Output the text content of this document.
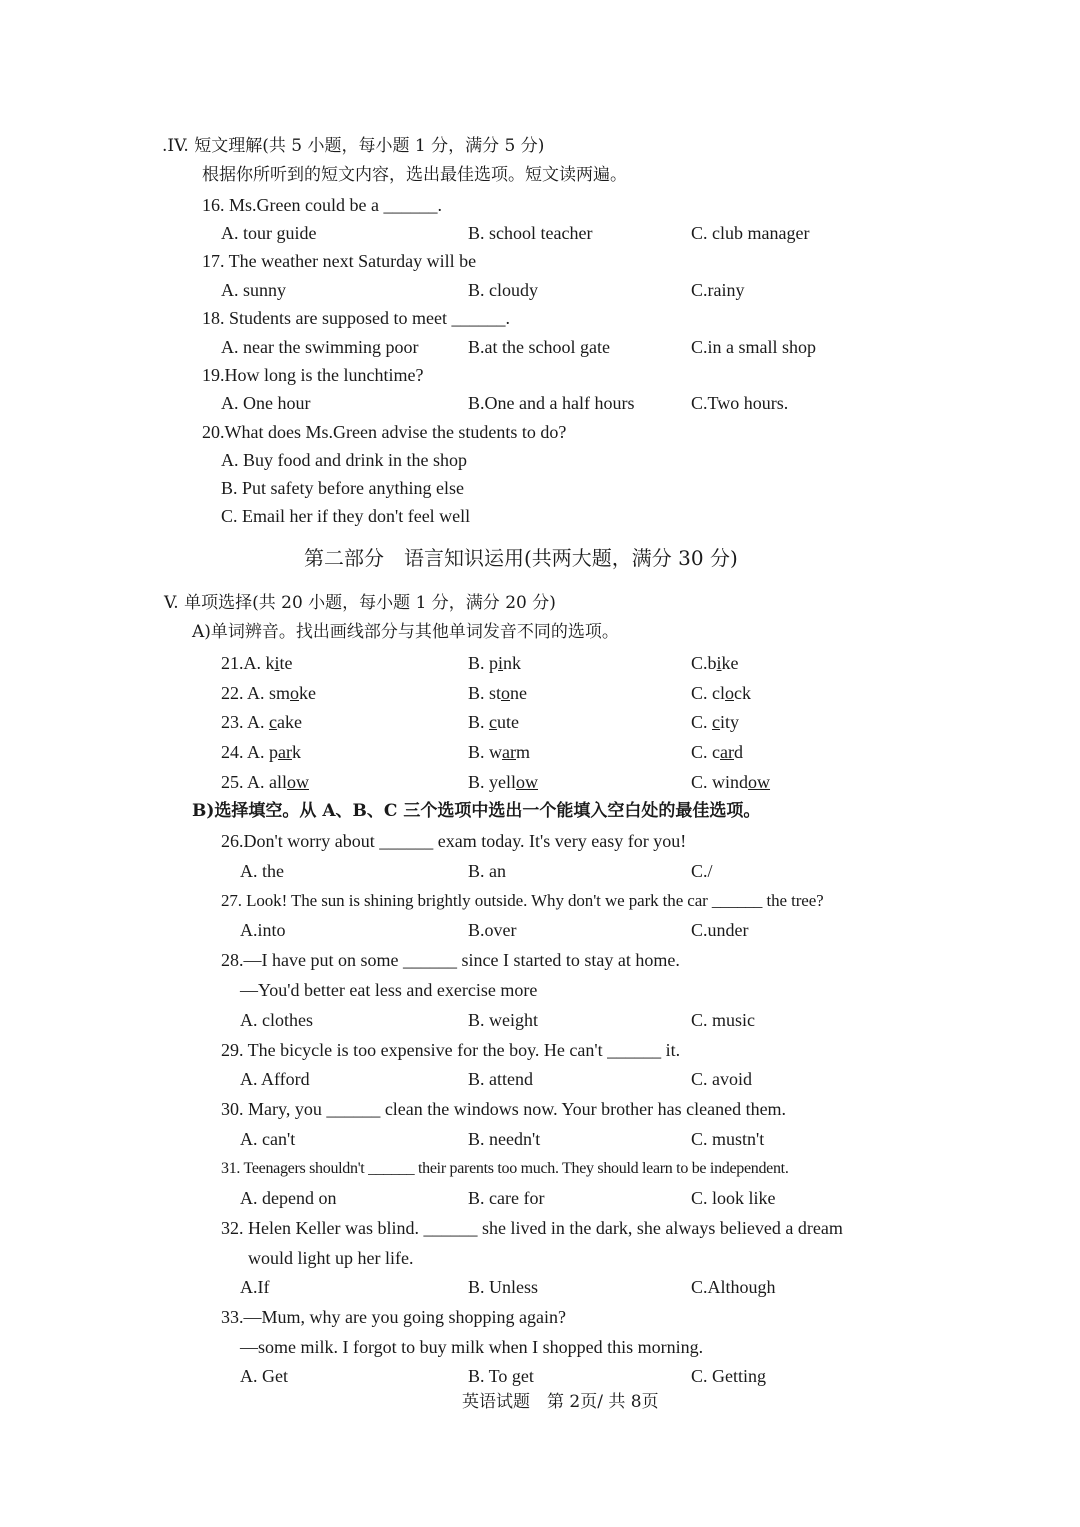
.IV. 短文理解(共 5 小题，每小题 1 分，满分 5 分)
根据你所听到的短文内容，选出最佳选项。短文读两遍。
16. Ms.Green could be a ______.
A. tour guide	B. school teacher	C. club manager
17. The weather next Saturday will be
A. sunny	B. cloudy	C.rainy
18. Students are supposed to meet ______.
A. near the swimming poor	B.at the school gate	C.in a small shop
19.How long is the lunchtime?
A. One hour	B.One and a half hours	C.Two hours.
20.What does Ms.Green advise the students to do?
A. Buy food and drink in the shop
B. Put safety before anything else
C. Email her if they don't feel well
第二部分　语言知识运用(共两大题，满分 30 分)
V. 单项选择(共 20 小题，每小题 1 分，满分 20 分)
A)单词辨音。找出画线部分与其他单词发音不同的选项。
21.A. kite	B. pink	C.bike
22. A. smoke	B. stone	C. clock
23. A. cake	B. cute	C. city
24. A. park	B. warm	C. card
25. A. allow	B. yellow	C. window
B)选择填空。从 A、B、C 三个选项中选出一个能填入空白处的最佳选项。
26.Don't worry about ______ exam today. It's very easy for you!
A. the	B. an	C./
27. Look! The sun is shining brightly outside. Why don't we park the car ______ the tree?
A.into	B.over	C.under
28.—I have put on some ______ since I started to stay at home.
—You'd better eat less and exercise more
A. clothes	B. weight	C. music
29. The bicycle is too expensive for the boy. He can't ______ it.
A. Afford	B. attend	C. avoid
30. Mary, you ______ clean the windows now. Your brother has cleaned them.
A. can't	B. needn't	C. mustn't
31. Teenagers shouldn't ______ their parents too much. They should learn to be independent.
A. depend on	B. care for	C. look like
32. Helen Keller was blind. ______ she lived in the dark, she always believed a dream
would light up her life.
A.If	B. Unless	C.Although
33.—Mum, why are you going shopping again?
—some milk. I forgot to buy milk when I shopped this morning.
A. Get	B. To get	C. Getting
英语试题　第 2页/ 共 8页
